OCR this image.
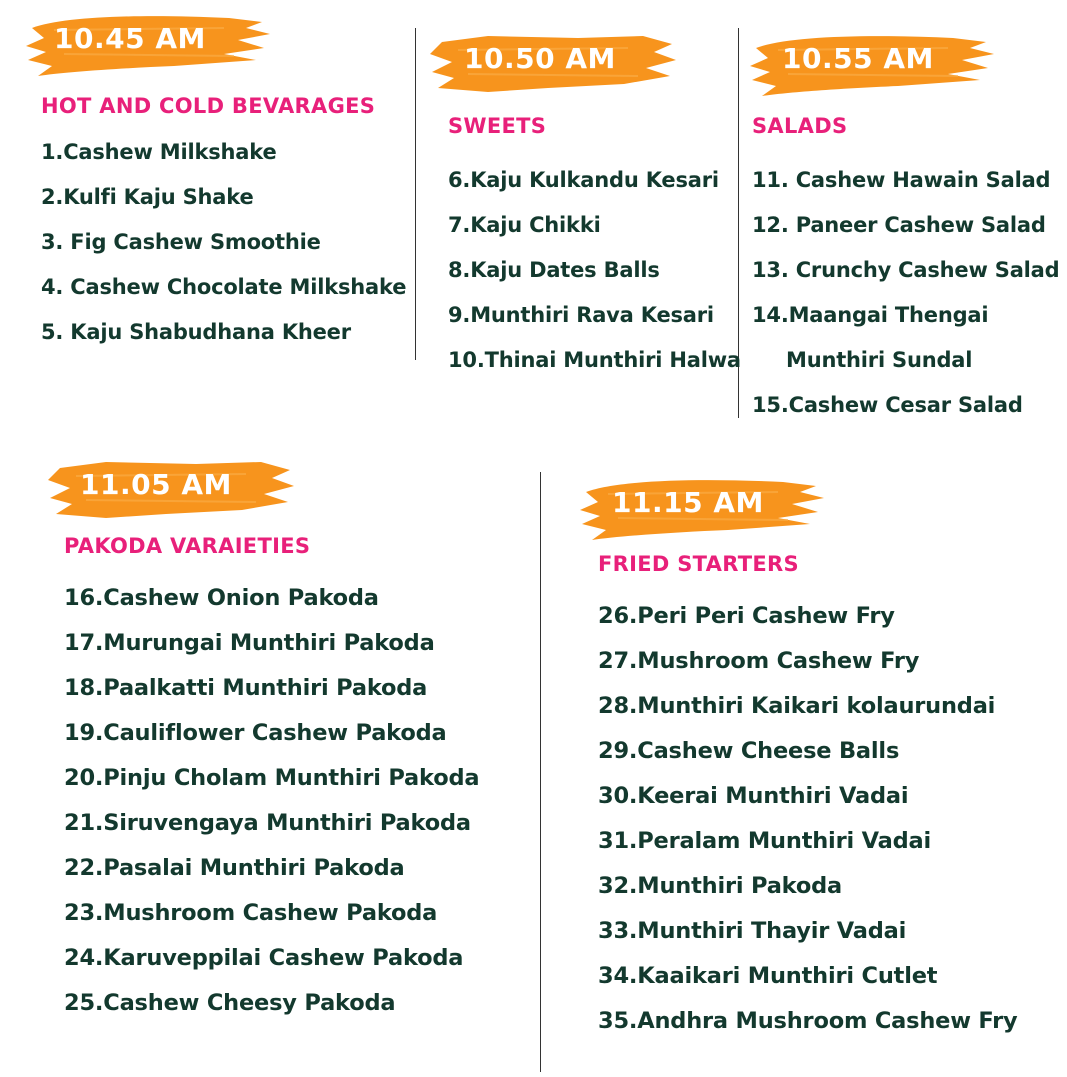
10.45 AM
HOT AND COLD BEVARAGES
1.Cashew Milkshake
2.Kulfi Kaju Shake
3. Fig Cashew Smoothie
4. Cashew Chocolate Milkshake
5. Kaju Shabudhana Kheer
10.50 AM
SWEETS
6.Kaju Kulkandu Kesari
7.Kaju Chikki
8.Kaju Dates Balls
9.Munthiri Rava Kesari
10.Thinai Munthiri Halwa
10.55 AM
SALADS
11. Cashew Hawain Salad
12. Paneer Cashew Salad
13. Crunchy Cashew Salad
14.Maangai Thengai
Munthiri Sundal
15.Cashew Cesar Salad
11.05 AM
PAKODA VARAIETIES
16.Cashew Onion Pakoda
17.Murungai Munthiri Pakoda
18.Paalkatti Munthiri Pakoda
19.Cauliflower Cashew Pakoda
20.Pinju Cholam Munthiri Pakoda
21.Siruvengaya Munthiri Pakoda
22.Pasalai Munthiri Pakoda
23.Mushroom Cashew Pakoda
24.Karuveppilai Cashew Pakoda
25.Cashew Cheesy Pakoda
11.15 AM
FRIED STARTERS
26.Peri Peri Cashew Fry
27.Mushroom Cashew Fry
28.Munthiri Kaikari kolaurundai
29.Cashew Cheese Balls
30.Keerai Munthiri Vadai
31.Peralam Munthiri Vadai
32.Munthiri Pakoda
33.Munthiri Thayir Vadai
34.Kaaikari Munthiri Cutlet
35.Andhra Mushroom Cashew Fry
